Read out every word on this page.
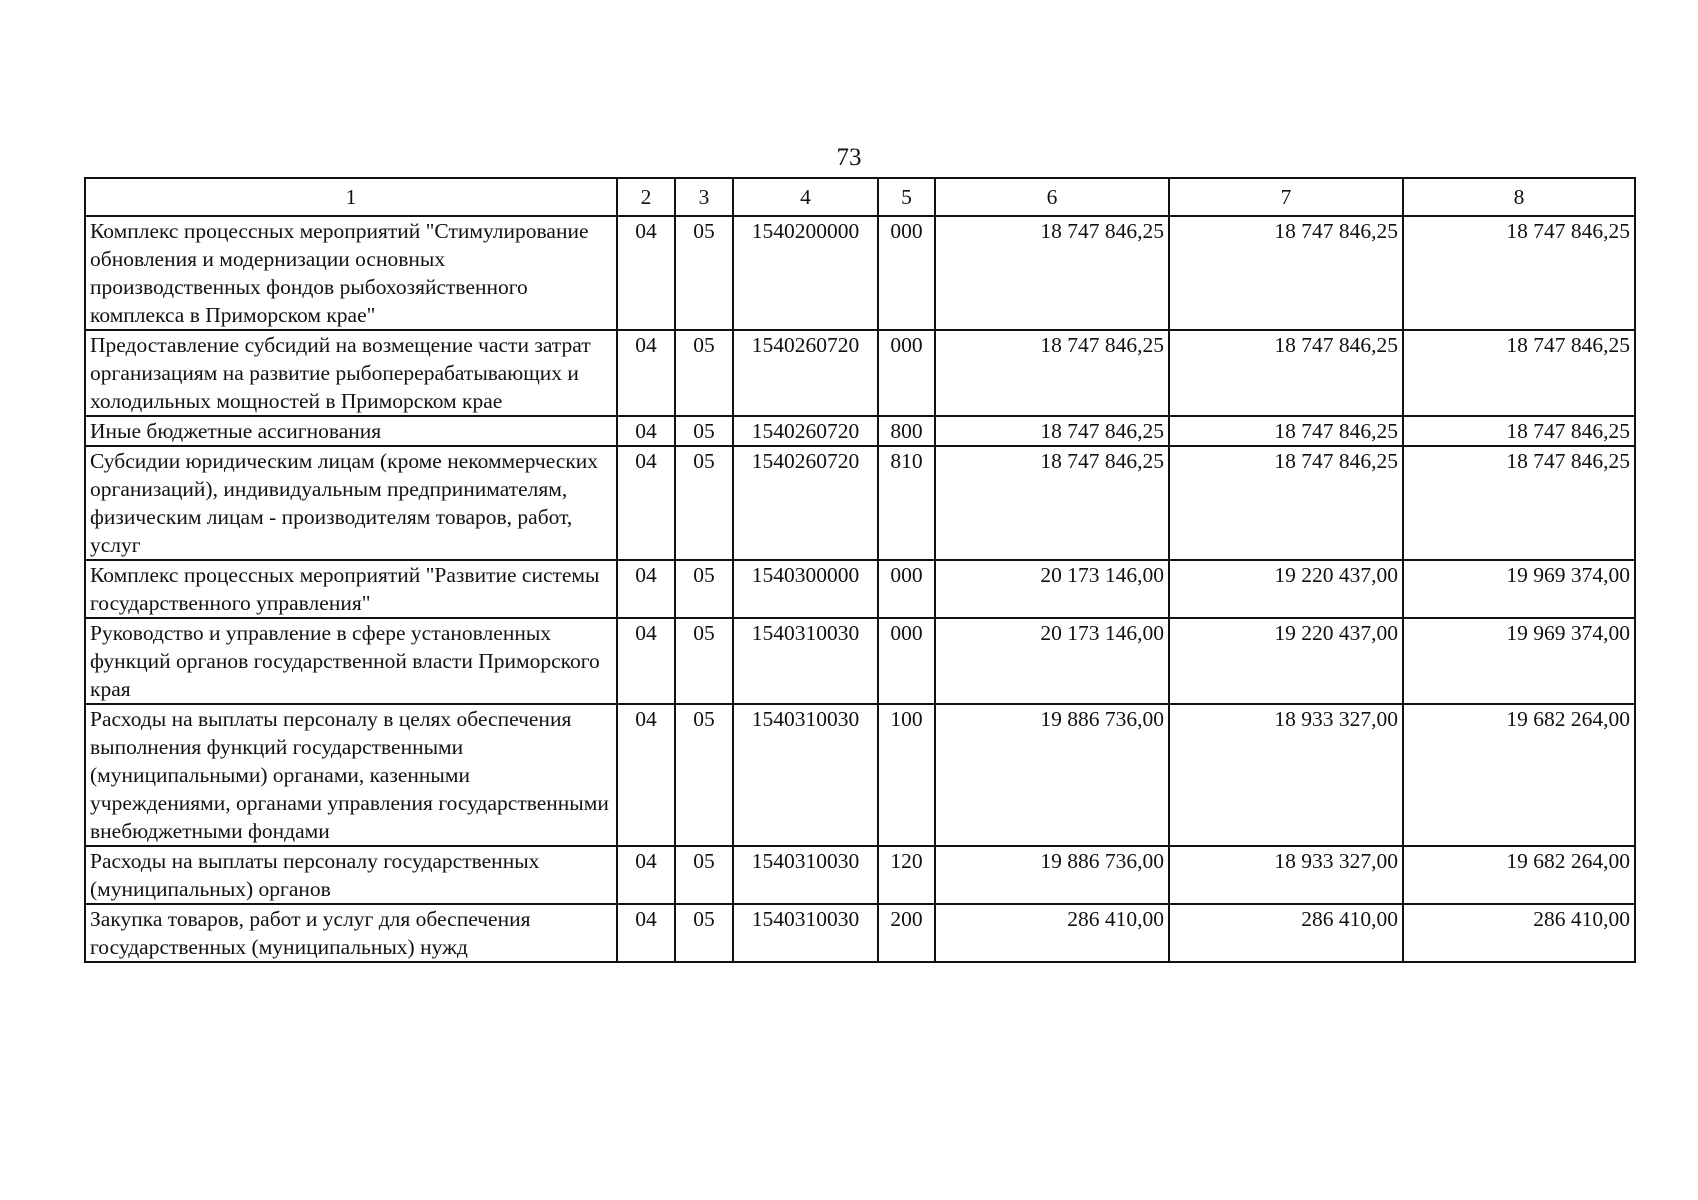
73
1	2	3	4	5	6	7	8
Комплекс процессных мероприятий "Стимулирование обновления и модернизации основных производственных фондов рыбохозяйственного комплекса в Приморском крае"	04	05	1540200000	000	18 747 846,25	18 747 846,25	18 747 846,25
Предоставление субсидий на возмещение части затрат организациям на развитие рыбоперерабатывающих и холодильных мощностей в Приморском крае	04	05	1540260720	000	18 747 846,25	18 747 846,25	18 747 846,25
Иные бюджетные ассигнования	04	05	1540260720	800	18 747 846,25	18 747 846,25	18 747 846,25
Субсидии юридическим лицам (кроме некоммерческих организаций), индивидуальным предпринимателям, физическим лицам - производителям товаров, работ, услуг	04	05	1540260720	810	18 747 846,25	18 747 846,25	18 747 846,25
Комплекс процессных мероприятий "Развитие системы государственного управления"	04	05	1540300000	000	20 173 146,00	19 220 437,00	19 969 374,00
Руководство и управление в сфере установленных функций органов государственной власти Приморского края	04	05	1540310030	000	20 173 146,00	19 220 437,00	19 969 374,00
Расходы на выплаты персоналу в целях обеспечения выполнения функций государственными (муниципальными) органами, казенными учреждениями, органами управления государственными внебюджетными фондами	04	05	1540310030	100	19 886 736,00	18 933 327,00	19 682 264,00
Расходы на выплаты персоналу государственных (муниципальных) органов	04	05	1540310030	120	19 886 736,00	18 933 327,00	19 682 264,00
Закупка товаров, работ и услуг для обеспечения государственных (муниципальных) нужд	04	05	1540310030	200	286 410,00	286 410,00	286 410,00
